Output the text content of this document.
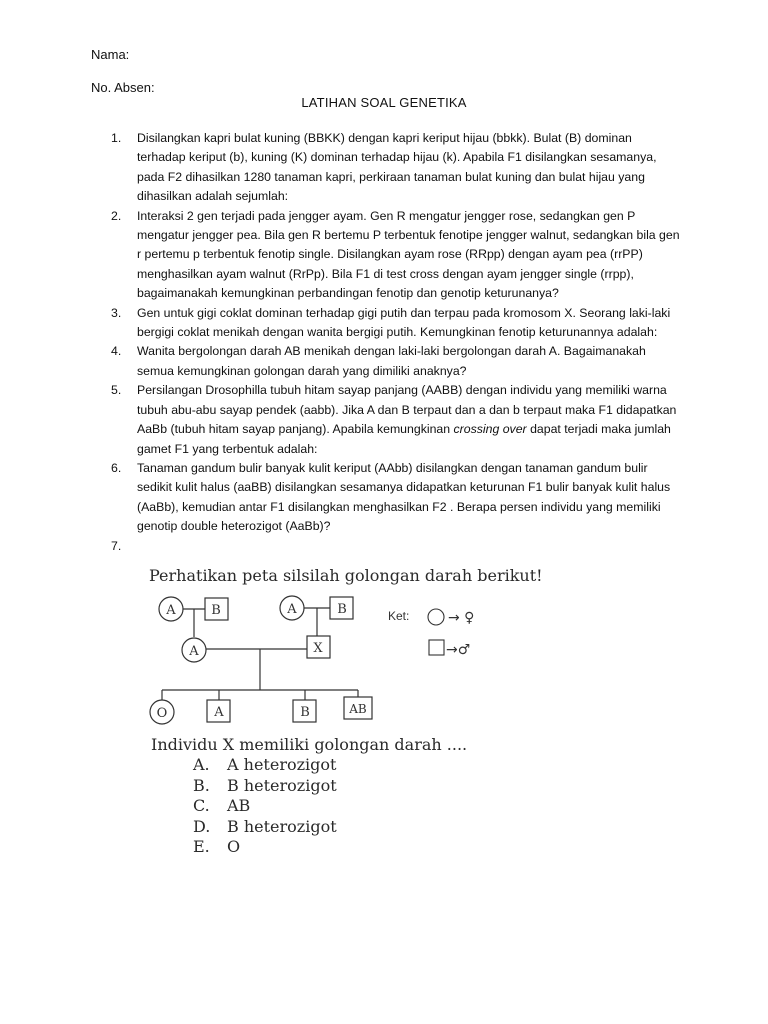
Nama:
No. Absen:
LATIHAN SOAL GENETIKA
1. Disilangkan kapri bulat kuning (BBKK) dengan kapri keriput hijau (bbkk). Bulat (B) dominan terhadap keriput (b), kuning (K) dominan terhadap hijau (k). Apabila F1 disilangkan sesamanya, pada F2 dihasilkan 1280 tanaman kapri, perkiraan tanaman bulat kuning dan bulat hijau yang dihasilkan adalah sejumlah:
2. Interaksi 2 gen terjadi pada jengger ayam. Gen R mengatur jengger rose, sedangkan gen P mengatur jengger pea. Bila gen R bertemu P terbentuk fenotipe jengger walnut, sedangkan bila gen r pertemu p terbentuk fenotip single. Disilangkan ayam rose (RRpp) dengan ayam pea (rrPP) menghasilkan ayam walnut (RrPp). Bila F1 di test cross dengan ayam jengger single (rrpp), bagaimanakah kemungkinan perbandingan fenotip dan genotip keturunanya?
3. Gen untuk gigi coklat dominan terhadap gigi putih dan terpau pada kromosom X. Seorang laki-laki bergigi coklat menikah dengan wanita bergigi putih. Kemungkinan fenotip keturunannya adalah:
4. Wanita bergolongan darah AB menikah dengan laki-laki bergolongan darah A. Bagaimanakah semua kemungkinan golongan darah yang dimiliki anaknya?
5. Persilangan Drosophilla tubuh hitam sayap panjang (AABB) dengan individu yang memiliki warna tubuh abu-abu sayap pendek (aabb). Jika A dan B terpaut dan a dan b terpaut maka F1 didapatkan AaBb (tubuh hitam sayap panjang). Apabila kemungkinan crossing over dapat terjadi maka jumlah gamet F1 yang terbentuk adalah:
6. Tanaman gandum bulir banyak kulit keriput (AAbb) disilangkan dengan tanaman gandum bulir sedikit kulit halus (aaBB) disilangkan sesamanya didapatkan keturunan F1 bulir banyak kulit halus (AaBb), kemudian antar F1 disilangkan menghasilkan F2 . Berapa persen individu yang memiliki genotip double heterozigot (AaBb)?
7.

Perhatikan peta silsilah golongan darah berikut!
A	B	A	B
A	X
O	A	B	AB
Individu X memiliki golongan darah ....
A. A heterozigot
B. B heterozigot
C. AB
D. B heterozigot
E. O
Ket:	→ ♀
→♂
